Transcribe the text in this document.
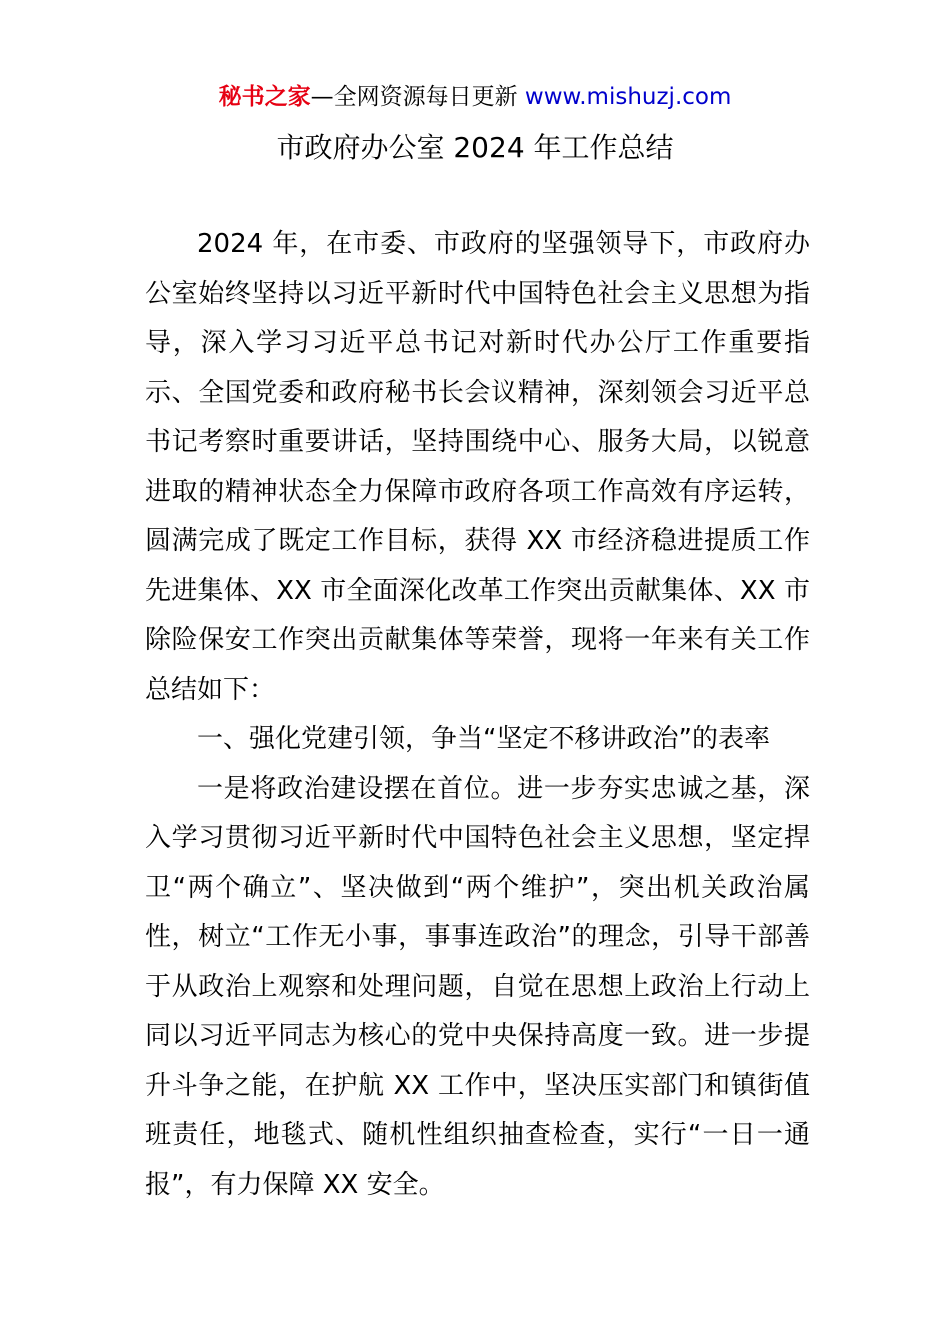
秘书之家—全网资源每日更新 www.mishuzj.com
市政府办公室 2024 年工作总结

2024 年，在市委、市政府的坚强领导下，市政府办公室始终坚持以习近平新时代中国特色社会主义思想为指导，深入学习习近平总书记对新时代办公厅工作重要指示、全国党委和政府秘书长会议精神，深刻领会习近平总书记考察时重要讲话，坚持围绕中心、服务大局，以锐意进取的精神状态全力保障市政府各项工作高效有序运转，圆满完成了既定工作目标，获得 XX 市经济稳进提质工作先进集体、XX 市全面深化改革工作突出贡献集体、XX 市除险保安工作突出贡献集体等荣誉，现将一年来有关工作总结如下：

一、强化党建引领，争当“坚定不移讲政治”的表率

一是将政治建设摆在首位。进一步夯实忠诚之基，深入学习贯彻习近平新时代中国特色社会主义思想，坚定捍卫“两个确立”、坚决做到“两个维护”，突出机关政治属性，树立“工作无小事，事事连政治”的理念，引导干部善于从政治上观察和处理问题，自觉在思想上政治上行动上同以习近平同志为核心的党中央保持高度一致。进一步提升斗争之能，在护航 XX 工作中，坚决压实部门和镇街值班责任，地毯式、随机性组织抽查检查，实行“一日一通报”，有力保障 XX 安全。
